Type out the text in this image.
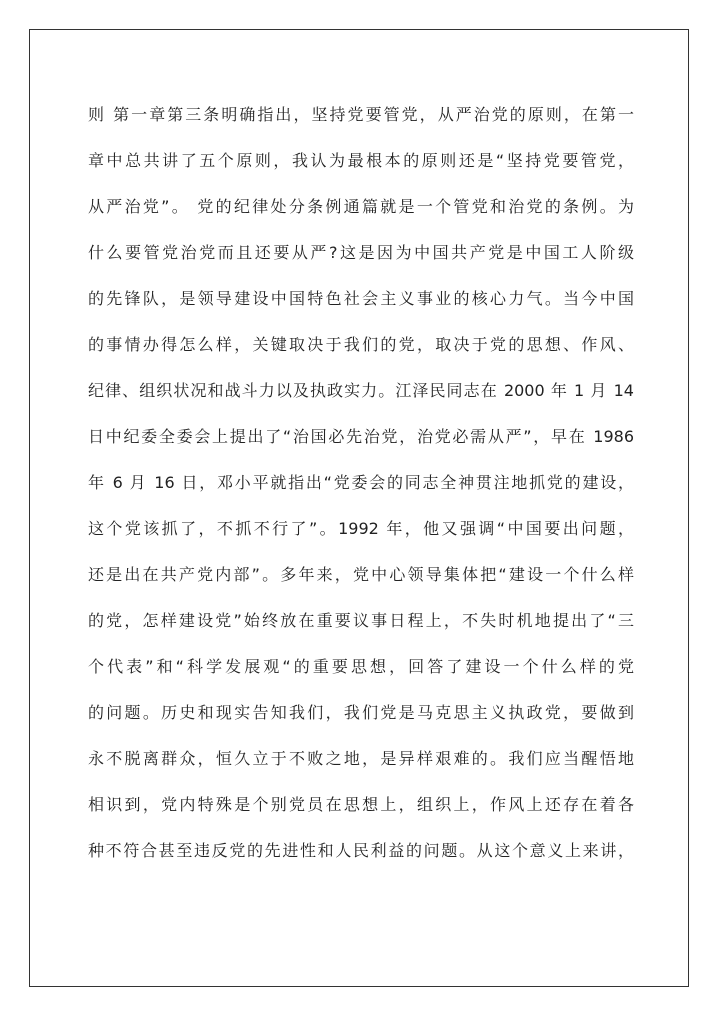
则 第一章第三条明确指出，坚持党要管党，从严治党的原则，在第一
章中总共讲了五个原则，我认为最根本的原则还是“坚持党要管党，
从严治党”。 党的纪律处分条例通篇就是一个管党和治党的条例。为
什么要管党治党而且还要从严?这是因为中国共产党是中国工人阶级
的先锋队，是领导建设中国特色社会主义事业的核心力气。当今中国
的事情办得怎么样，关键取决于我们的党，取决于党的思想、作风、
纪律、组织状况和战斗力以及执政实力。江泽民同志在 2000 年 1 月 14
日中纪委全委会上提出了“治国必先治党，治党必需从严”，早在 1986
年 6 月 16 日，邓小平就指出“党委会的同志全神贯注地抓党的建设，
这个党该抓了，不抓不行了”。1992 年，他又强调“中国要出问题，
还是出在共产党内部”。多年来，党中心领导集体把“建设一个什么样
的党，怎样建设党”始终放在重要议事日程上，不失时机地提出了“三
个代表”和“科学发展观“的重要思想，回答了建设一个什么样的党
的问题。历史和现实告知我们，我们党是马克思主义执政党，要做到
永不脱离群众，恒久立于不败之地，是异样艰难的。我们应当醒悟地
相识到，党内特殊是个别党员在思想上，组织上，作风上还存在着各
种不符合甚至违反党的先进性和人民利益的问题。从这个意义上来讲，
